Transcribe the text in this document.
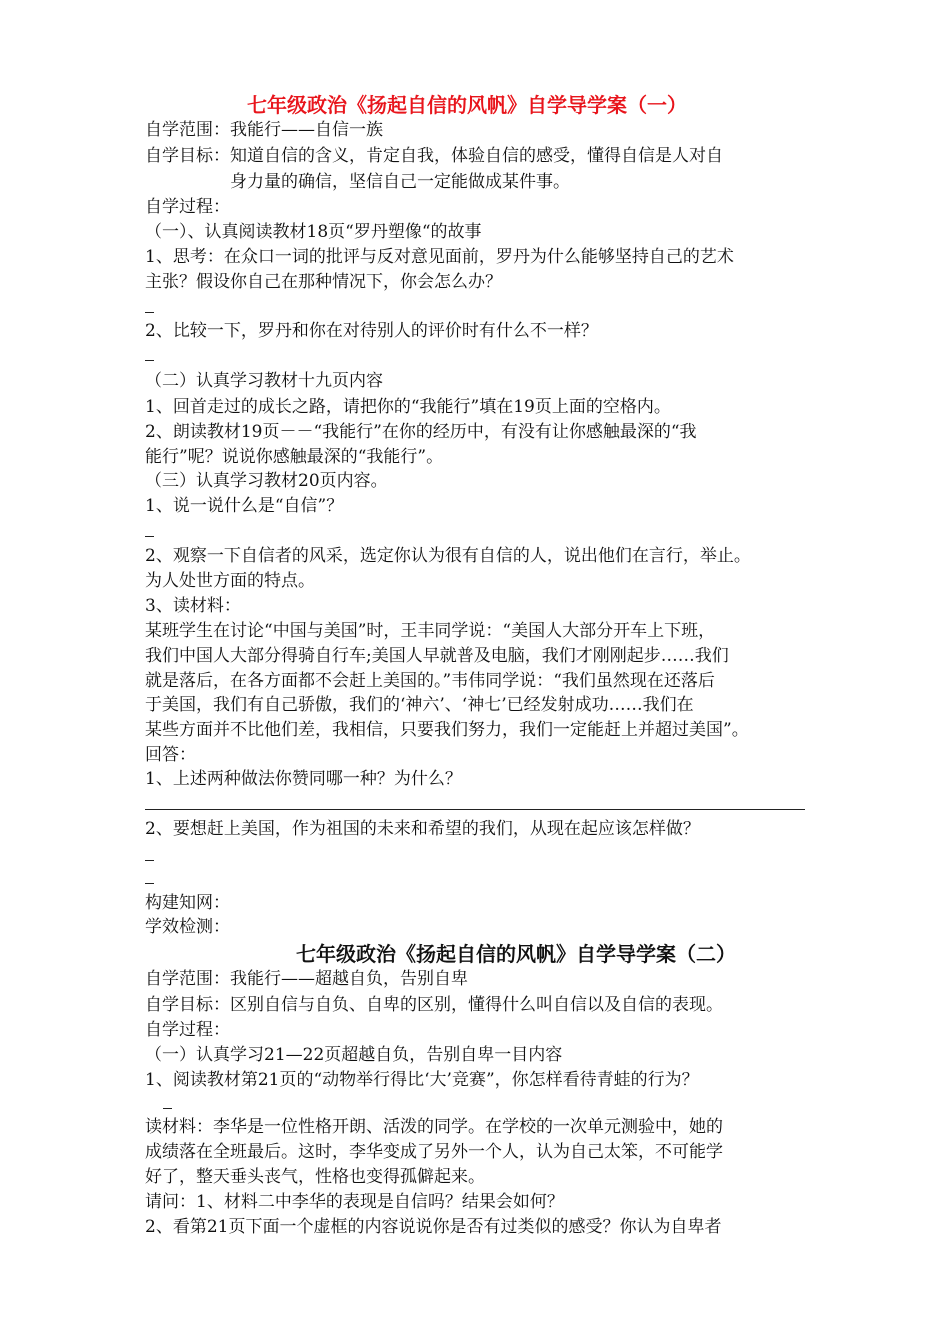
七年级政治《扬起自信的风帆》自学导学案（一）
自学范围：我能行——自信一族
自学目标：知道自信的含义，肯定自我，体验自信的感受，懂得自信是人对自
身力量的确信，坚信自己一定能做成某件事。
自学过程：
（一）、认真阅读教材18页“罗丹塑像“的故事
1、思考：在众口一词的批评与反对意见面前，罗丹为什么能够坚持自己的艺术
主张？假设你自己在那种情况下，你会怎么办？
2、比较一下，罗丹和你在对待别人的评价时有什么不一样？
（二）认真学习教材十九页内容
1、回首走过的成长之路，请把你的“我能行”填在19页上面的空格内。
2、朗读教材19页－－“我能行”在你的经历中，有没有让你感触最深的“我
能行”呢？说说你感触最深的“我能行”。
（三）认真学习教材20页内容。
1、说一说什么是“自信”？
2、观察一下自信者的风采，选定你认为很有自信的人，说出他们在言行，举止。
为人处世方面的特点。
3、读材料：
某班学生在讨论“中国与美国”时，王丰同学说：“美国人大部分开车上下班，
我们中国人大部分得骑自行车;美国人早就普及电脑，我们才刚刚起步……我们
就是落后，在各方面都不会赶上美国的。”韦伟同学说：“我们虽然现在还落后
于美国，我们有自己骄傲，我们的‘神六’、‘神七’已经发射成功……我们在
某些方面并不比他们差，我相信，只要我们努力，我们一定能赶上并超过美国”。
回答：
1、上述两种做法你赞同哪一种？为什么？
2、要想赶上美国，作为祖国的未来和希望的我们，从现在起应该怎样做？
构建知网：
学效检测：
七年级政治《扬起自信的风帆》自学导学案（二）
自学范围：我能行——超越自负，告别自卑
自学目标：区别自信与自负、自卑的区别，懂得什么叫自信以及自信的表现。
自学过程：
（一）认真学习21—22页超越自负，告别自卑一目内容
1、阅读教材第21页的“动物举行得比‘大’竞赛”，你怎样看待青蛙的行为？
读材料：李华是一位性格开朗、活泼的同学。在学校的一次单元测验中，她的
成绩落在全班最后。这时，李华变成了另外一个人，认为自己太笨，不可能学
好了，整天垂头丧气，性格也变得孤僻起来。
请问：1、材料二中李华的表现是自信吗？结果会如何？
2、看第21页下面一个虚框的内容说说你是否有过类似的感受？你认为自卑者
